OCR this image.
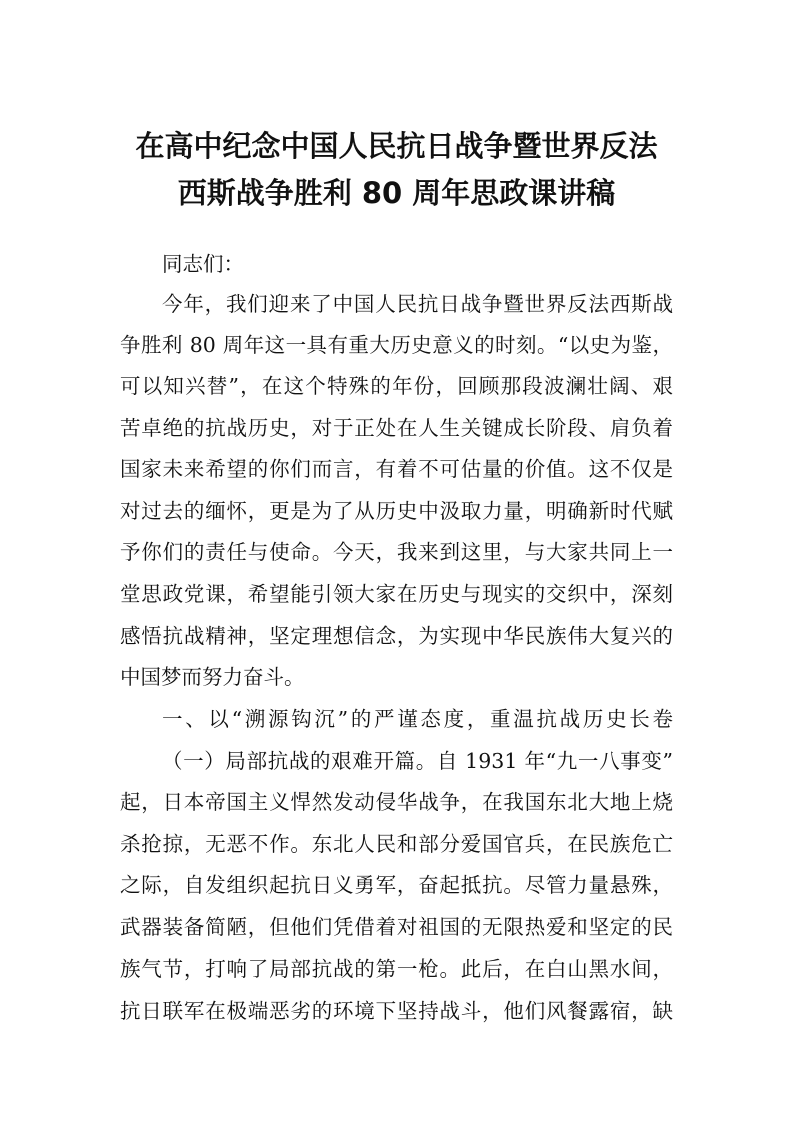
在高中纪念中国人民抗日战争暨世界反法
西斯战争胜利 80 周年思政课讲稿
同志们：
今年，我们迎来了中国人民抗日战争暨世界反法西斯战
争胜利 80 周年这一具有重大历史意义的时刻。“以史为鉴，
可以知兴替”，在这个特殊的年份，回顾那段波澜壮阔、艰
苦卓绝的抗战历史，对于正处在人生关键成长阶段、肩负着
国家未来希望的你们而言，有着不可估量的价值。这不仅是
对过去的缅怀，更是为了从历史中汲取力量，明确新时代赋
予你们的责任与使命。今天，我来到这里，与大家共同上一
堂思政党课，希望能引领大家在历史与现实的交织中，深刻
感悟抗战精神，坚定理想信念，为实现中华民族伟大复兴的
中国梦而努力奋斗。
一、以“溯源钩沉”的严谨态度，重温抗战历史长卷
（一）局部抗战的艰难开篇。自 1931 年“九一八事变”
起，日本帝国主义悍然发动侵华战争，在我国东北大地上烧
杀抢掠，无恶不作。东北人民和部分爱国官兵，在民族危亡
之际，自发组织起抗日义勇军，奋起抵抗。尽管力量悬殊，
武器装备简陋，但他们凭借着对祖国的无限热爱和坚定的民
族气节，打响了局部抗战的第一枪。此后，在白山黑水间，
抗日联军在极端恶劣的环境下坚持战斗，他们风餐露宿，缺
